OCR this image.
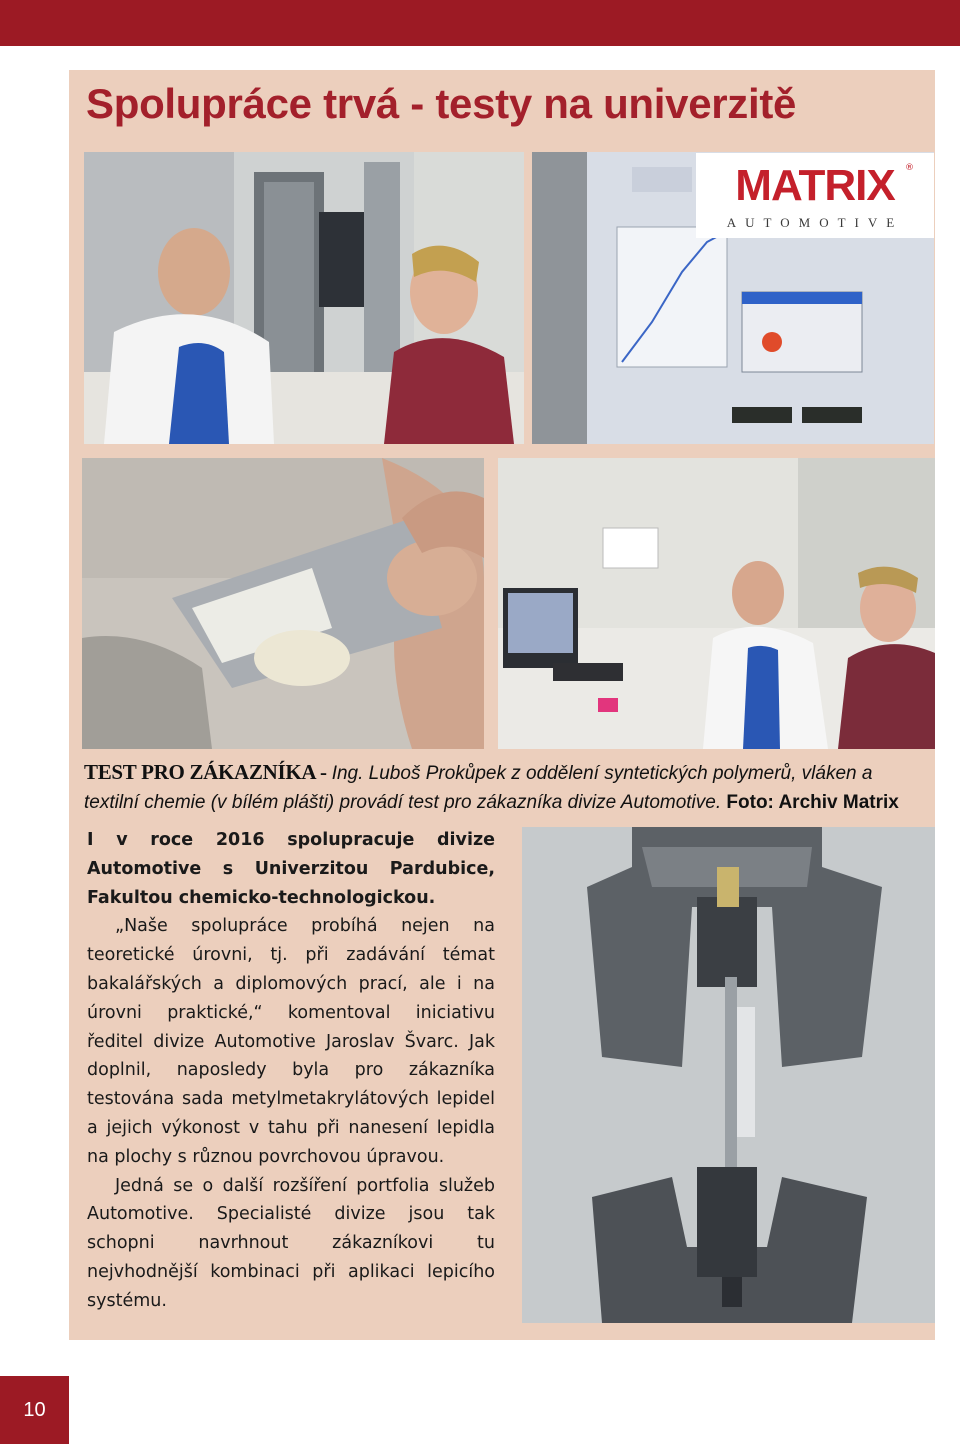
Spolupráce trvá - testy na univerzitě
MATRIX	®
AUTOMOTIVE

TEST PRO ZÁKAZNÍKA - Ing. Luboš Prokůpek z oddělení syntetických polymerů, vláken a textilní chemie (v bílém plášti) provádí test pro zákazníka divize Automotive. Foto: Archiv Matrix

I v roce 2016 spolupracuje divize Automotive s Univerzitou Pardubice, Fakultou chemicko-technologickou.

„Naše spolupráce probíhá nejen na teoretické úrovni, tj. při zadávání témat bakalářských a diplomových prací, ale i na úrovni praktické,“ komentoval iniciativu ředitel divize Automotive Jaroslav Švarc. Jak doplnil, naposledy byla pro zákazníka testována sada metylmetakrylátových lepidel a jejich výkonost v tahu při nanesení lepidla na plochy s různou povrchovou úpravou.

Jedná se o další rozšíření portfolia služeb Automotive. Specialisté divize jsou tak schopni navrhnout zákazníkovi tu nejvhodnější kombinaci při aplikaci lepicího systému.

10
